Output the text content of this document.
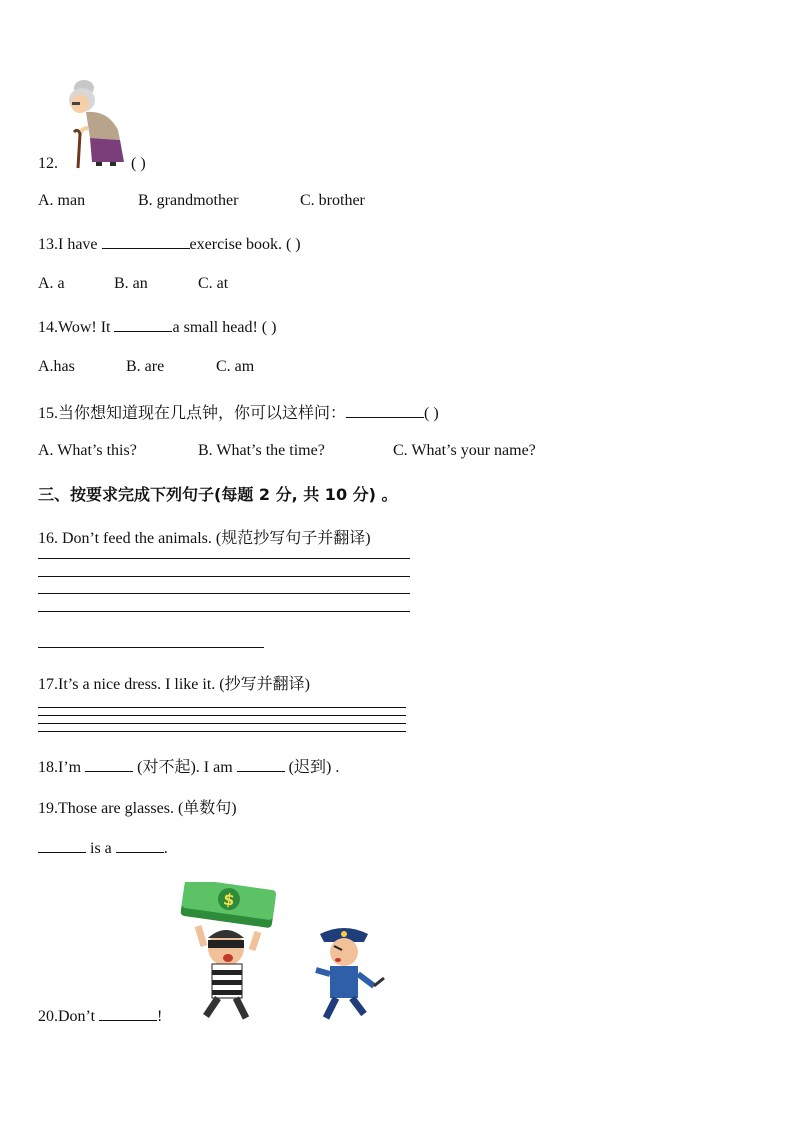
12.	( )
A. man	B. grandmother	C. brother
13.I have	exercise book. ( )
A. a	B. an	C. at
14.Wow! It	a small head! ( )
A.has	B. are	C. am
15.当你想知道现在几点钟，你可以这样问：	( )
A. What’s this?	B. What’s the time?	C. What’s your name?
三、按要求完成下列句子(每题 2 分, 共 10 分) 。
16. Don’t feed the animals. (规范抄写句子并翻译)
17.It’s a nice dress. I like it. (抄写并翻译)
18.I’m	(对不起). I am	(迟到) .
19.Those are glasses. (单数句)
is a	.
$
20.Don’t	!
